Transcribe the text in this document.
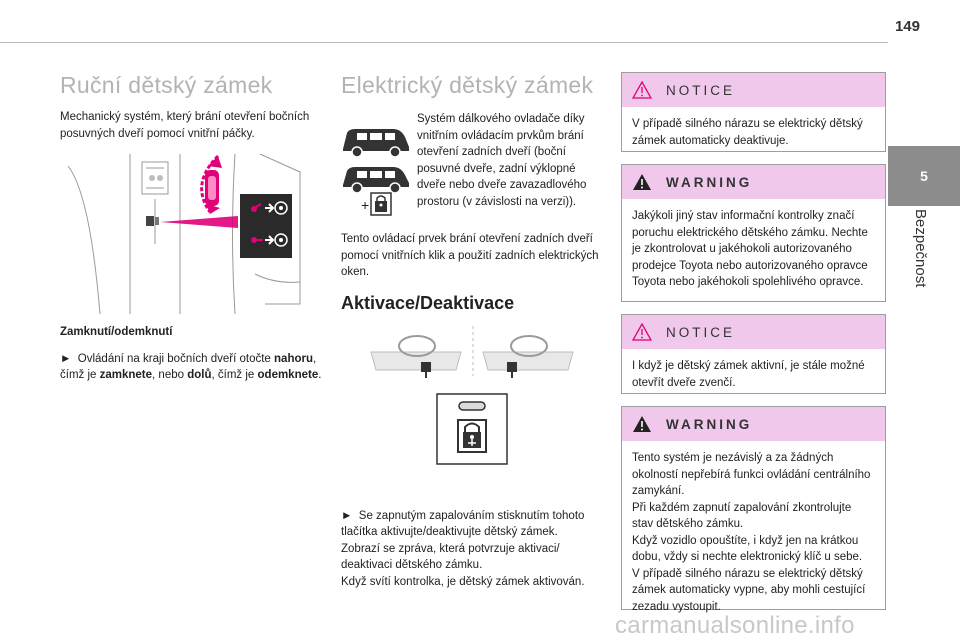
149
5
Bezpečnost
Ruční dětský zámek

Mechanický systém, který brání otevření bočních posuvných dveří pomocí vnitřní páčky.

Zamknutí/odemknutí

► Ovládání na kraji bočních dveří otočte nahoru, čímž je zamknete, nebo dolů, čímž je odemknete.

Elektrický dětský zámek
+

Systém dálkového ovladače díky vnitřním ovládacím prvkům brání otevření zadních dveří (boční posuvné dveře, zadní výklopné dveře nebo dveře zavazadlového prostoru (v závislosti na verzi)).

Tento ovládací prvek brání otevření zadních dveří pomocí vnitřních klik a použití zadních elektrických oken.

Aktivace/Deaktivace

► Se zapnutým zapalováním stisknutím tohoto tlačítka aktivujte/deaktivujte dětský zámek.

Zobrazí se zpráva, která potvrzuje aktivaci/ deaktivaci dětského zámku.

Když svítí kontrolka, je dětský zámek aktivován.

NOTICE

V případě silného nárazu se elektrický dětský zámek automaticky deaktivuje.

WARNING

Jakýkoli jiný stav informační kontrolky značí poruchu elektrického dětského zámku. Nechte je zkontrolovat u jakéhokoli autorizovaného prodejce Toyota nebo autorizovaného opravce Toyota nebo jakéhokoli spolehlivého opravce.

NOTICE

I když je dětský zámek aktivní, je stále možné otevřít dveře zvenčí.

WARNING

Tento systém je nezávislý a za žádných okolností nepřebírá funkci ovládání centrálního zamykání.
Při každém zapnutí zapalování zkontrolujte stav dětského zámku.
Když vozidlo opouštíte, i když jen na krátkou dobu, vždy si nechte elektronický klíč u sebe.
V případě silného nárazu se elektrický dětský zámek automaticky vypne, aby mohli cestující zezadu vystoupit.

carmanualsonline.info
